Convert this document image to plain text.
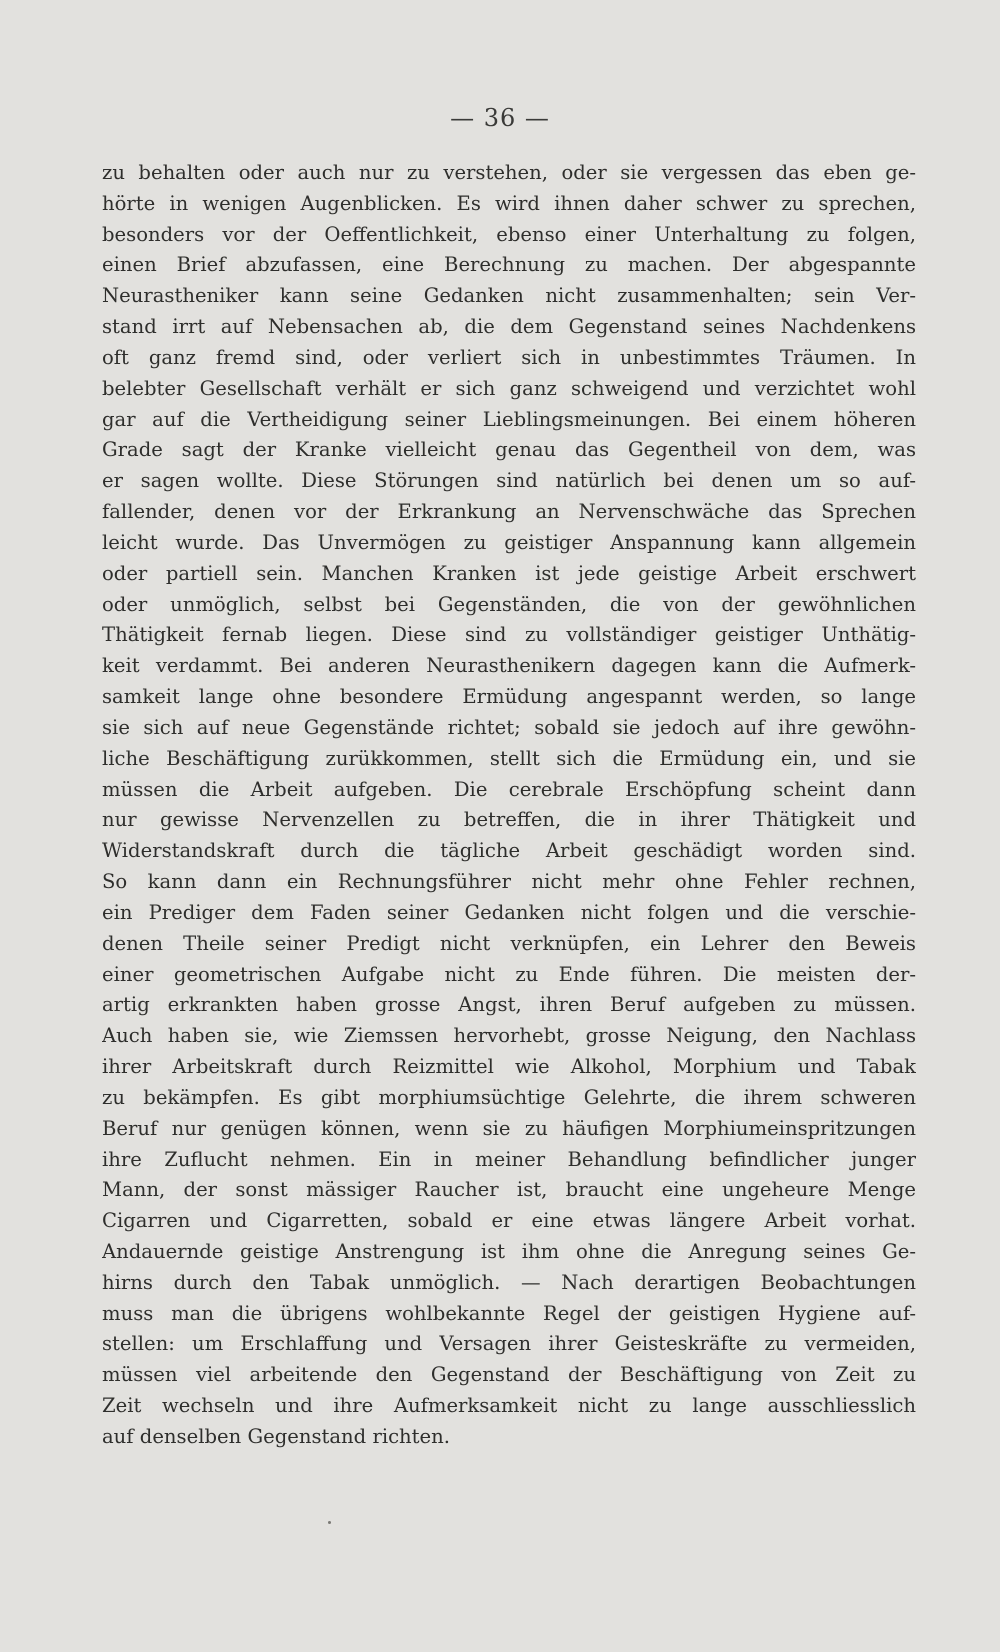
— 36 —
zu behalten oder auch nur zu verstehen, oder sie vergessen das eben ge-
hörte in wenigen Augenblicken. Es wird ihnen daher schwer zu sprechen,
besonders vor der Oeffentlichkeit, ebenso einer Unterhaltung zu folgen,
einen Brief abzufassen, eine Berechnung zu machen. Der abgespannte
Neurastheniker kann seine Gedanken nicht zusammenhalten; sein Ver-
stand irrt auf Nebensachen ab, die dem Gegenstand seines Nachdenkens
oft ganz fremd sind, oder verliert sich in unbestimmtes Träumen. In
belebter Gesellschaft verhält er sich ganz schweigend und verzichtet wohl
gar auf die Vertheidigung seiner Lieblingsmeinungen. Bei einem höheren
Grade sagt der Kranke vielleicht genau das Gegentheil von dem, was
er sagen wollte. Diese Störungen sind natürlich bei denen um so auf-
fallender, denen vor der Erkrankung an Nervenschwäche das Sprechen
leicht wurde. Das Unvermögen zu geistiger Anspannung kann allgemein
oder partiell sein. Manchen Kranken ist jede geistige Arbeit erschwert
oder unmöglich, selbst bei Gegenständen, die von der gewöhnlichen
Thätigkeit fernab liegen. Diese sind zu vollständiger geistiger Unthätig-
keit verdammt. Bei anderen Neurasthenikern dagegen kann die Aufmerk-
samkeit lange ohne besondere Ermüdung angespannt werden, so lange
sie sich auf neue Gegenstände richtet; sobald sie jedoch auf ihre gewöhn-
liche Beschäftigung zurükkommen, stellt sich die Ermüdung ein, und sie
müssen die Arbeit aufgeben. Die cerebrale Erschöpfung scheint dann
nur gewisse Nervenzellen zu betreffen, die in ihrer Thätigkeit und
Widerstandskraft durch die tägliche Arbeit geschädigt worden sind.
So kann dann ein Rechnungsführer nicht mehr ohne Fehler rechnen,
ein Prediger dem Faden seiner Gedanken nicht folgen und die verschie-
denen Theile seiner Predigt nicht verknüpfen, ein Lehrer den Beweis
einer geometrischen Aufgabe nicht zu Ende führen. Die meisten der-
artig erkrankten haben grosse Angst, ihren Beruf aufgeben zu müssen.
Auch haben sie, wie Ziemssen hervorhebt, grosse Neigung, den Nachlass
ihrer Arbeitskraft durch Reizmittel wie Alkohol, Morphium und Tabak
zu bekämpfen. Es gibt morphiumsüchtige Gelehrte, die ihrem schweren
Beruf nur genügen können, wenn sie zu häufigen Morphiumeinspritzungen
ihre Zuflucht nehmen. Ein in meiner Behandlung befindlicher junger
Mann, der sonst mässiger Raucher ist, braucht eine ungeheure Menge
Cigarren und Cigarretten, sobald er eine etwas längere Arbeit vorhat.
Andauernde geistige Anstrengung ist ihm ohne die Anregung seines Ge-
hirns durch den Tabak unmöglich. — Nach derartigen Beobachtungen
muss man die übrigens wohlbekannte Regel der geistigen Hygiene auf-
stellen: um Erschlaffung und Versagen ihrer Geisteskräfte zu vermeiden,
müssen viel arbeitende den Gegenstand der Beschäftigung von Zeit zu
Zeit wechseln und ihre Aufmerksamkeit nicht zu lange ausschliesslich
auf denselben Gegenstand richten.
